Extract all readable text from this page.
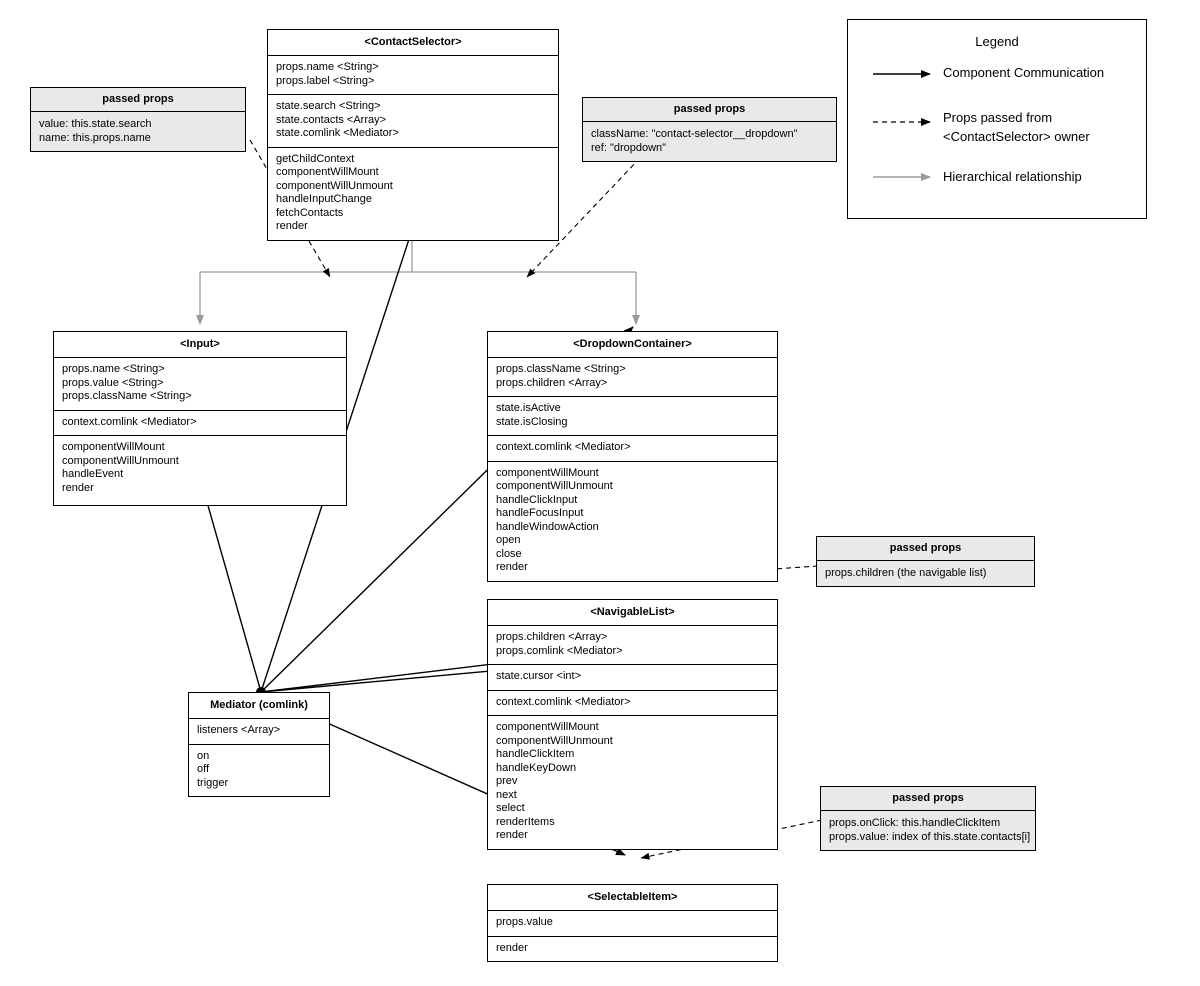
<ContactSelector>
props.name <String>
props.label <String>
state.search <String>
state.contacts <Array>
state.comlink <Mediator>
getChildContext
componentWillMount
componentWillUnmount
handleInputChange
fetchContacts
render
<Input>
props.name <String>
props.value <String>
props.className <String>
context.comlink <Mediator>
componentWillMount
componentWillUnmount
handleEvent
render
<DropdownContainer>
props.className <String>
props.children <Array>
state.isActive
state.isClosing
context.comlink <Mediator>
componentWillMount
componentWillUnmount
handleClickInput
handleFocusInput
handleWindowAction
open
close
render
<NavigableList>
props.children <Array>
props.comlink <Mediator>
state.cursor <int>
context.comlink <Mediator>
componentWillMount
componentWillUnmount
handleClickItem
handleKeyDown
prev
next
select
renderItems
render
<SelectableItem>
props.value
render
Mediator (comlink)
listeners <Array>
on
off
trigger
passed props
value: this.state.search
name: this.props.name
passed props
className: "contact-selector__dropdown"
ref: "dropdown"
passed props
props.children (the navigable list)
passed props
props.onClick: this.handleClickItem
props.value: index of this.state.contacts[i]
Legend
Component Communication
Props passed from
<ContactSelector> owner
Hierarchical relationship
